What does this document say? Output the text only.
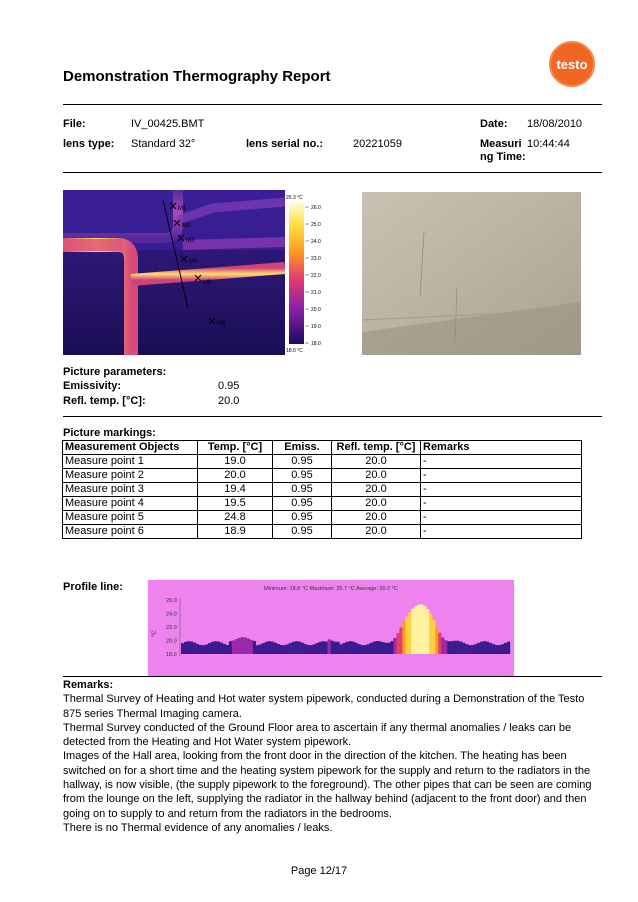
Demonstration Thermography Report
testo
File:	IV_00425.BMT	Date: 18/08/2010
lens type: Standard 32°	lens serial no.:	20221059	Measuri
ng Time:
10:44:44
M1
M2
M3
M4
M5
M6
26.3 °C
18.0 °C
26.0
25.0
24.0
23.0
22.0
21.0
20.0
19.0
18.0
Picture parameters:
Emissivity:	0.95
Refl. temp. [°C]:	20.0
Picture markings:
Measurement Objects	Temp. [°C]	Emiss.	Refl. temp. [°C]	Remarks
Measure point 1	19.0	0.95	20.0	-
Measure point 2	20.0	0.95	20.0	-
Measure point 3	19.4	0.95	20.0	-
Measure point 4	19.5	0.95	20.0	-
Measure point 5	24.8	0.95	20.0	-
Measure point 6	18.9	0.95	20.0	-
Profile line:	Minimum: 18.8 °C Maximum: 25.7 °C Average: 20.2 °C
°C
26.0
24.0
22.0
20.0
18.0
Remarks:
Thermal Survey of Heating and Hot water system pipework, conducted during a Demonstration of the Testo
875 series Thermal Imaging camera.
Thermal Survey conducted of the Ground Floor area to ascertain if any thermal anomalies / leaks can be
detected from the Heating and Hot Water system pipework.
Images of the Hall area, looking from the front door in the direction of the kitchen. The heating has been
switched on for a short time and the heating system pipework for the supply and return to the radiators in the
hallway, is now visible, (the supply pipework to the foreground). The other pipes that can be seen are coming
from the lounge on the left, supplying the radiator in the hallway behind (adjacent to the front door) and then
going on to supply to and return from the radiators in the bedrooms.
There is no Thermal evidence of any anomalies / leaks.
Page 12/17
